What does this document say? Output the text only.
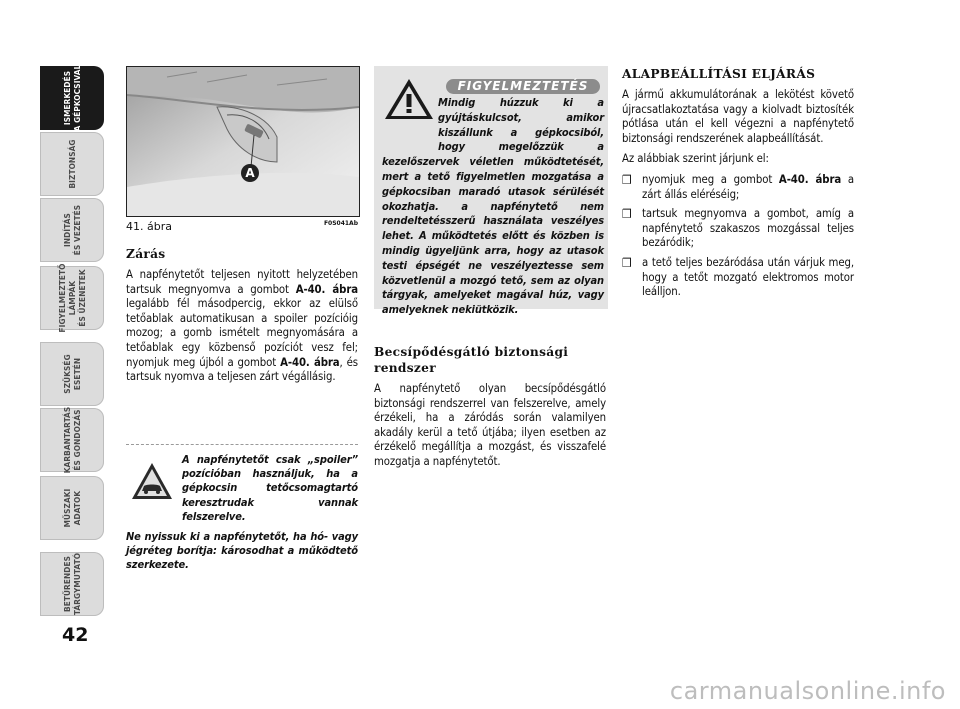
ISMERKEDÉS
A GÉPKOCSIVAL
BIZTONSÁG
INDÍTÁS
ÉS VEZETÉS
FIGYELMEZTETŐ
LÁMPÁK
ÉS ÜZENETEK
SZÜKSÉG
ESETÉN
KARBANTARTÁS
ÉS GONDOZÁS
MŰSZAKI
ADATOK
BETŰRENDES
TÁRGYMUTATÓ
42
A
41. ábra	F0S041Ab
Zárás
A napfénytetőt teljesen nyitott helyzetében tartsuk megnyomva a gombot A-40. ábra legalább fél másodpercig, ekkor az elülső tetőablak automatikusan a spoiler pozícióig mozog; a gomb ismételt megnyomására a tetőablak egy közbenső pozíciót vesz fel; nyomjuk meg újból a gombot A-40. ábra, és tartsuk nyomva a teljesen zárt végállásig.
A napfénytetőt csak „spoiler” pozícióban használjuk, ha a gépkocsin tetőcsomagtartó keresztrudak vannak felszerelve.
Ne nyissuk ki a napfénytetőt, ha hó- vagy jégréteg borítja: károsodhat a működtető szerkezete.
FIGYELMEZTETÉS
Mindig húzzuk ki a gyújtáskulcsot, amikor kiszállunk a gépkocsiból, hogy megelőzzük a kezelőszervek véletlen működtetését, mert a tető figyelmetlen mozgatása a gépkocsiban maradó utasok sérülését okozhatja. a napfénytető nem rendeltetésszerű használata veszélyes lehet. A működtetés előtt és közben is mindig ügyeljünk arra, hogy az utasok testi épségét ne veszélyeztesse sem közvetlenül a mozgó tető, sem az olyan tárgyak, amelyeket magával húz, vagy amelyeknek nekiütközik.
Becsípődésgátló biztonsági rendszer
A napfénytető olyan becsípődésgátló biztonsági rendszerrel van felszerelve, amely érzékeli, ha a záródás során valamilyen akadály kerül a tető útjába; ilyen esetben az érzékelő megállítja a mozgást, és visszafelé mozgatja a napfénytetőt.
ALAPBEÁLLÍTÁSI ELJÁRÁS
A jármű akkumulátorának a lekötést követő újracsatlakoztatása vagy a kiolvadt biztosíték pótlása után el kell végezni a napfénytető biztonsági rendszerének alapbeállítását.
Az alábbiak szerint járjunk el:
❒ nyomjuk meg a gombot A-40. ábra a zárt állás eléréséig;
❒ tartsuk megnyomva a gombot, amíg a napfénytető szakaszos mozgással teljes bezáródik;
❒ a tető teljes bezáródása után várjuk meg, hogy a tetőt mozgató elektromos motor leálljon.
carmanualsonline.info
